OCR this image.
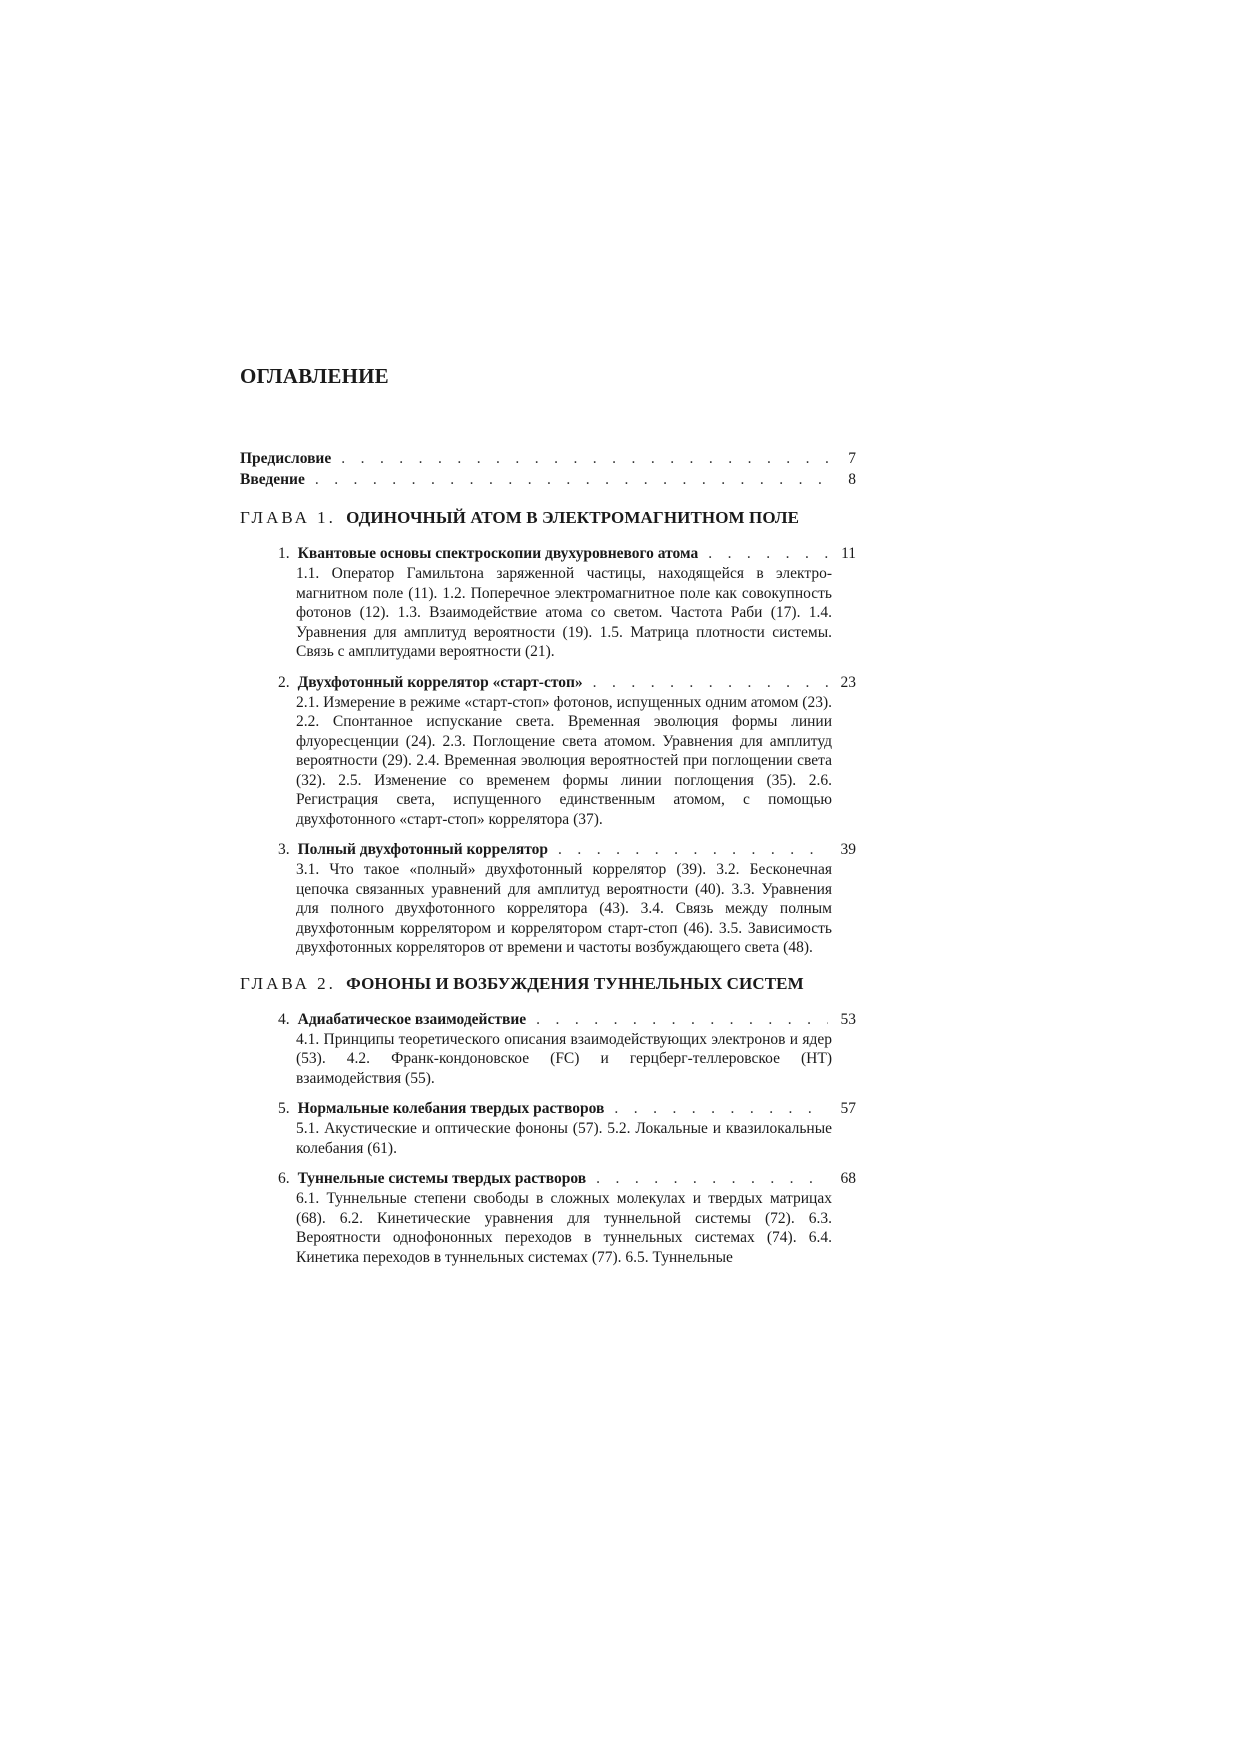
ОГЛАВЛЕНИЕ
Предисловие . . .	7
Введение . . .	8
ГЛАВА 1. ОДИНОЧНЫЙ АТОМ В ЭЛЕКТРОМАГНИТНОМ ПОЛЕ
1. Квантовые основы спектроскопии двухуровневого атома . . .	11
1.1. Оператор Гамильтона заряженной частицы, находящейся в электромагнитном поле (11). 1.2. Поперечное электромагнитное поле как совокупность фотонов (12). 1.3. Взаимодействие атома со светом. Частота Раби (17). 1.4. Уравнения для амплитуд вероятности (19). 1.5. Матрица плотности системы. Связь с амплитудами вероятности (21).
2. Двухфотонный коррелятор «старт-стоп» . . .	23
2.1. Измерение в режиме «старт-стоп» фотонов, испущенных одним атомом (23). 2.2. Спонтанное испускание света. Временная эволюция формы линии флуоресценции (24). 2.3. Поглощение света атомом. Уравнения для амплитуд вероятности (29). 2.4. Временная эволюция вероятностей при поглощении света (32). 2.5. Изменение со временем формы линии поглощения (35). 2.6. Регистрация света, испущенного единственным атомом, с помощью двухфотонного «старт-стоп» коррелятора (37).
3. Полный двухфотонный коррелятор . . .	39
3.1. Что такое «полный» двухфотонный коррелятор (39). 3.2. Бесконечная цепочка связанных уравнений для амплитуд вероятности (40). 3.3. Уравнения для полного двухфотонного коррелятора (43). 3.4. Связь между полным двухфотонным коррелятором и коррелятором старт-стоп (46). 3.5. Зависимость двухфотонных корреляторов от времени и частоты возбуждающего света (48).
ГЛАВА 2. ФОНОНЫ И ВОЗБУЖДЕНИЯ ТУННЕЛЬНЫХ СИСТЕМ
4. Адиабатическое взаимодействие . . .	53
4.1. Принципы теоретического описания взаимодействующих электронов и ядер (53). 4.2. Франк-кондоновское (FC) и герцберг-теллеровское (HT) взаимодействия (55).
5. Нормальные колебания твердых растворов . . .	57
5.1. Акустические и оптические фононы (57). 5.2. Локальные и квазилокальные колебания (61).
6. Туннельные системы твердых растворов . . .	68
6.1. Туннельные степени свободы в сложных молекулах и твердых матрицах (68). 6.2. Кинетические уравнения для туннельной системы (72). 6.3. Вероятности однофононных переходов в туннельных системах (74). 6.4. Кинетика переходов в туннельных системах (77). 6.5. Туннельные
